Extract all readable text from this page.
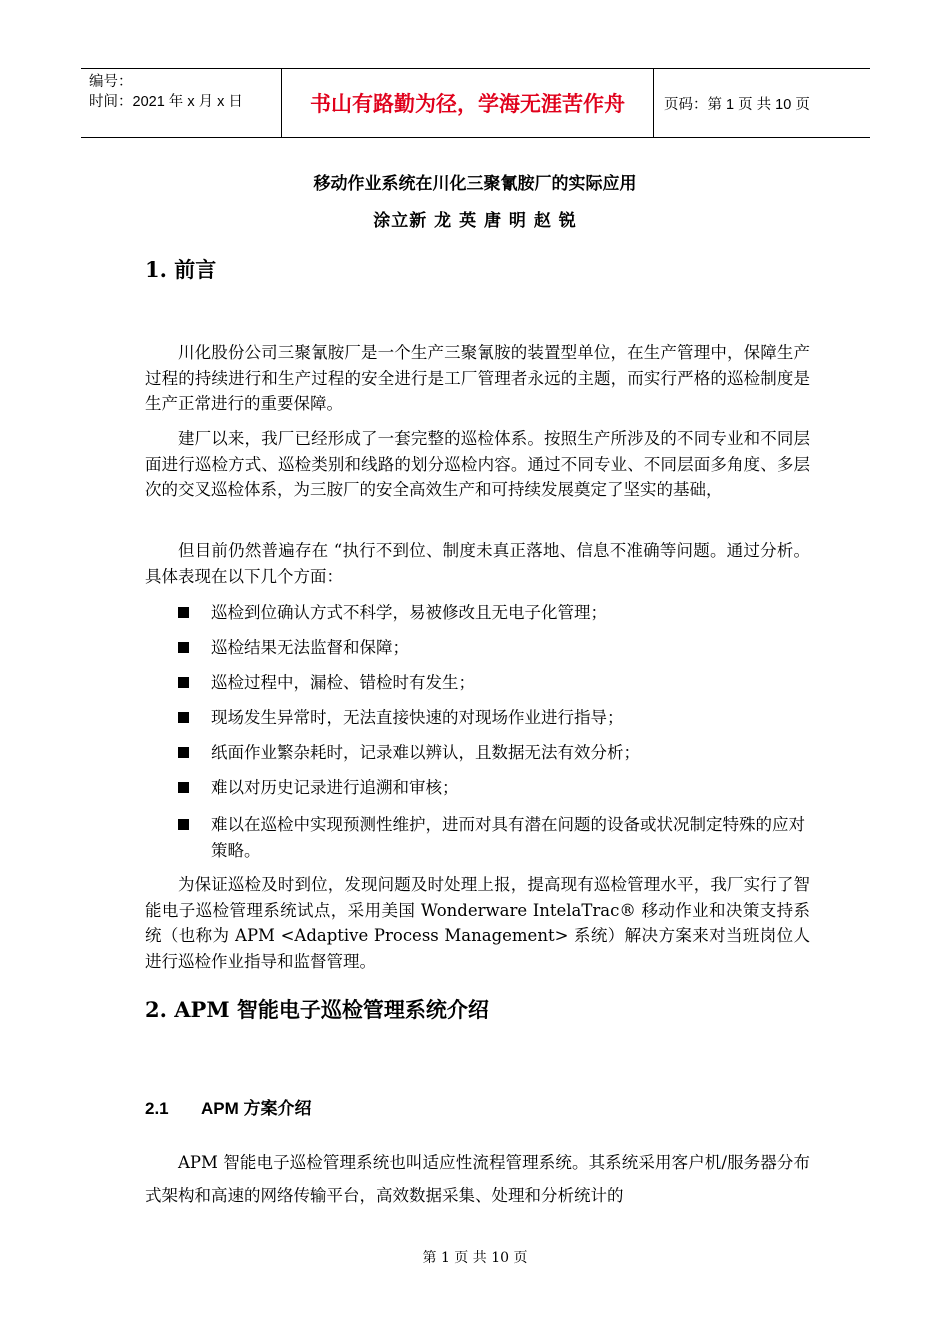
编号：
时间：2021 年 x 月 x 日	书山有路勤为径，学海无涯苦作舟	页码：第 1 页 共 10 页
移动作业系统在川化三聚氰胺厂的实际应用
涂立新 龙 英 唐 明 赵 锐
1. 前言
川化股份公司三聚氰胺厂是一个生产三聚氰胺的装置型单位，在生产管理中，保障生产过程的持续进行和生产过程的安全进行是工厂管理者永远的主题，而实行严格的巡检制度是生产正常进行的重要保障。
建厂以来，我厂已经形成了一套完整的巡检体系。按照生产所涉及的不同专业和不同层面进行巡检方式、巡检类别和线路的划分巡检内容。通过不同专业、不同层面多角度、多层次的交叉巡检体系，为三胺厂的安全高效生产和可持续发展奠定了坚实的基础，
但目前仍然普遍存在 “执行不到位、制度未真正落地、信息不准确等问题。通过分析。具体表现在以下几个方面：
巡检到位确认方式不科学，易被修改且无电子化管理；
巡检结果无法监督和保障；
巡检过程中，漏检、错检时有发生；
现场发生异常时，无法直接快速的对现场作业进行指导；
纸面作业繁杂耗时，记录难以辨认，且数据无法有效分析；
难以对历史记录进行追溯和审核；
难以在巡检中实现预测性维护，进而对具有潜在问题的设备或状况制定特殊的应对策略。
为保证巡检及时到位，发现问题及时处理上报，提高现有巡检管理水平，我厂实行了智能电子巡检管理系统试点，采用美国 Wonderware IntelaTrac® 移动作业和决策支持系统（也称为 APM <Adaptive Process Management> 系统）解决方案来对当班岗位人进行巡检作业指导和监督管理。
2. APM 智能电子巡检管理系统介绍
2.1 APM 方案介绍
APM 智能电子巡检管理系统也叫适应性流程管理系统。其系统采用客户机/服务器分布式架构和高速的网络传输平台，高效数据采集、处理和分析统计的
第 1 页 共 10 页
